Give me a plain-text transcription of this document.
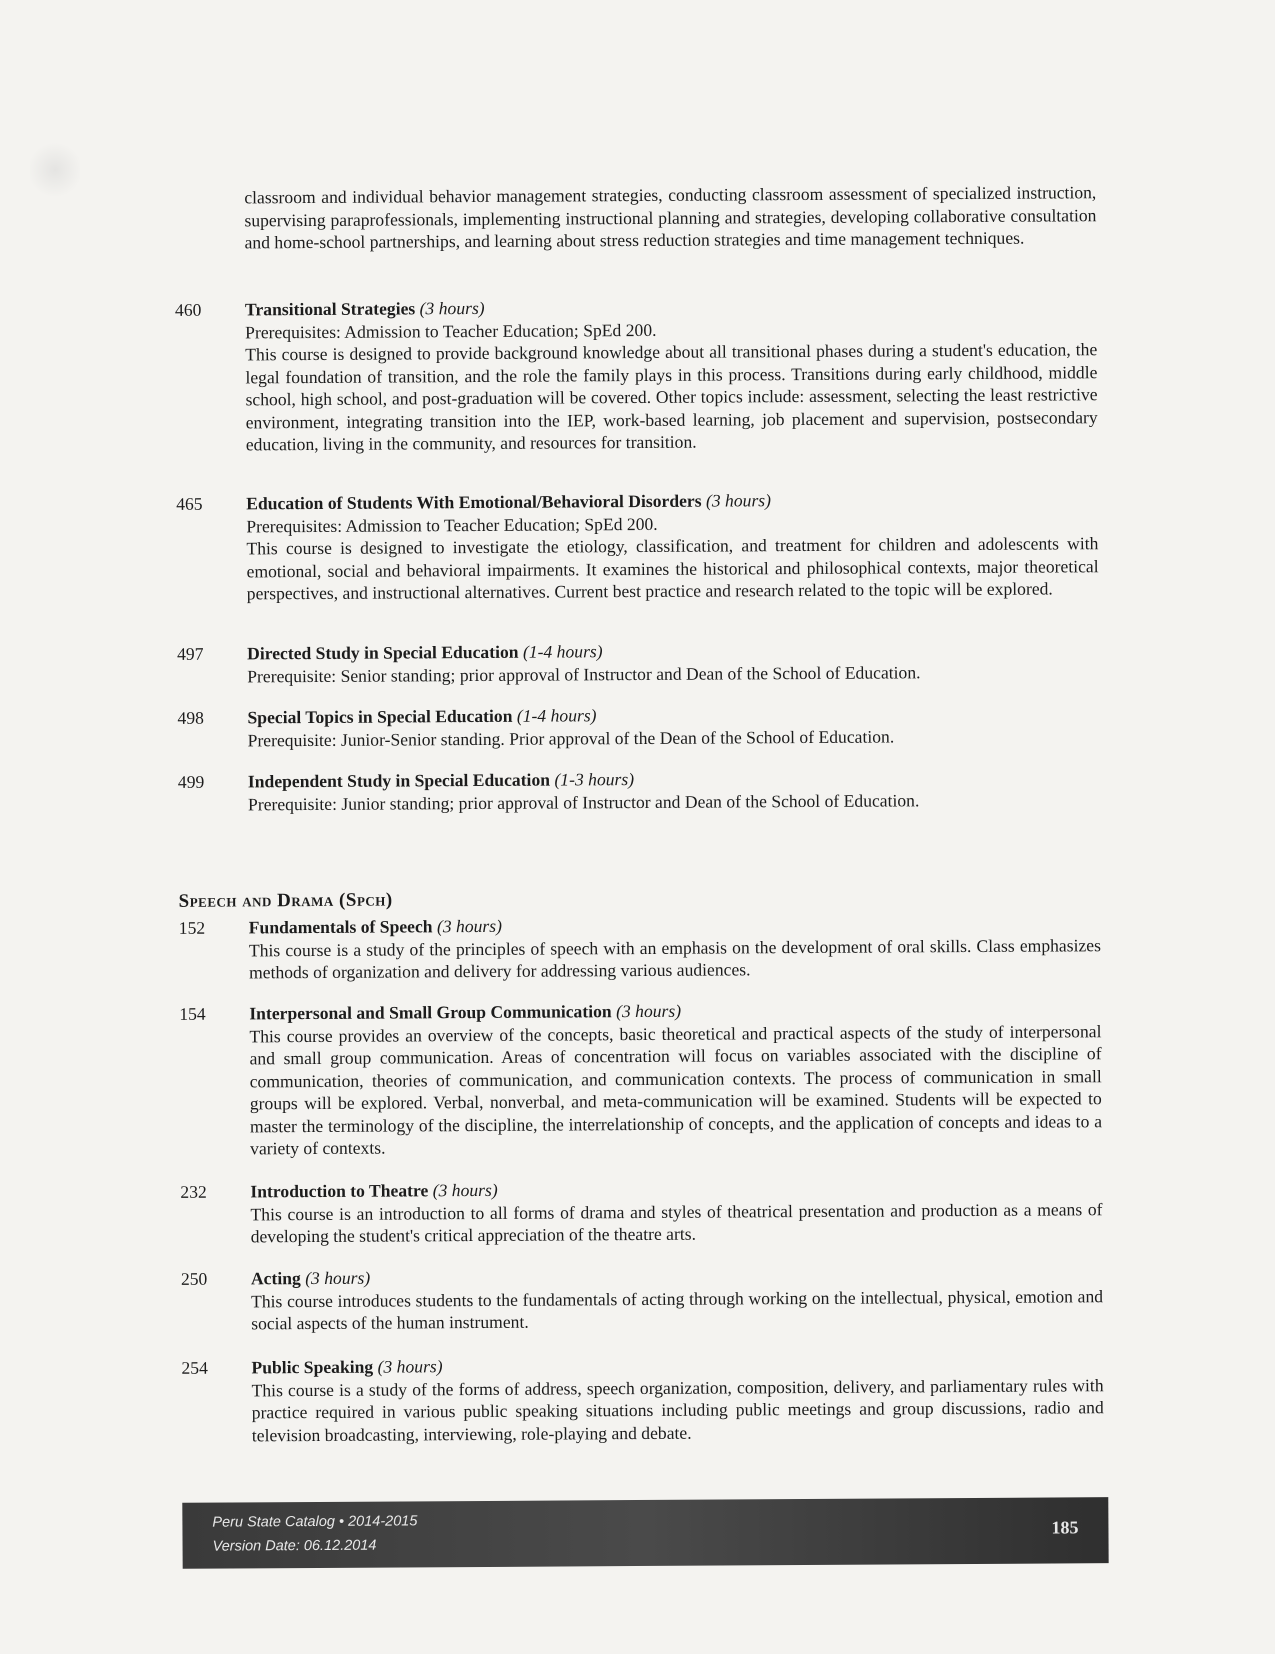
classroom and individual behavior management strategies, conducting classroom assessment of specialized instruction, supervising paraprofessionals, implementing instructional planning and strategies, developing collaborative consultation and home-school partnerships, and learning about stress reduction strategies and time management techniques.

460 Transitional Strategies (3 hours)
Prerequisites: Admission to Teacher Education; SpEd 200.

This course is designed to provide background knowledge about all transitional phases during a student's education, the legal foundation of transition, and the role the family plays in this process. Transitions during early childhood, middle school, high school, and post-graduation will be covered. Other topics include: assessment, selecting the least restrictive environment, integrating transition into the IEP, work-based learning, job placement and supervision, postsecondary education, living in the community, and resources for transition.

465 Education of Students With Emotional/Behavioral Disorders (3 hours)
Prerequisites: Admission to Teacher Education; SpEd 200.

This course is designed to investigate the etiology, classification, and treatment for children and adolescents with emotional, social and behavioral impairments. It examines the historical and philosophical contexts, major theoretical perspectives, and instructional alternatives. Current best practice and research related to the topic will be explored.

497 Directed Study in Special Education (1-4 hours)
Prerequisite: Senior standing; prior approval of Instructor and Dean of the School of Education.
498 Special Topics in Special Education (1-4 hours)
Prerequisite: Junior-Senior standing. Prior approval of the Dean of the School of Education.
499 Independent Study in Special Education (1-3 hours)
Prerequisite: Junior standing; prior approval of Instructor and Dean of the School of Education.
Speech and Drama (Spch)
152 Fundamentals of Speech (3 hours)

This course is a study of the principles of speech with an emphasis on the development of oral skills. Class emphasizes methods of organization and delivery for addressing various audiences.

154 Interpersonal and Small Group Communication (3 hours)

This course provides an overview of the concepts, basic theoretical and practical aspects of the study of interpersonal and small group communication. Areas of concentration will focus on variables associated with the discipline of communication, theories of communication, and communication contexts. The process of communication in small groups will be explored. Verbal, nonverbal, and meta-communication will be examined. Students will be expected to master the terminology of the discipline, the interrelationship of concepts, and the application of concepts and ideas to a variety of contexts.

232 Introduction to Theatre (3 hours)

This course is an introduction to all forms of drama and styles of theatrical presentation and production as a means of developing the student's critical appreciation of the theatre arts.

250 Acting (3 hours)

This course introduces students to the fundamentals of acting through working on the intellectual, physical, emotion and social aspects of the human instrument.

254 Public Speaking (3 hours)

This course is a study of the forms of address, speech organization, composition, delivery, and parliamentary rules with practice required in various public speaking situations including public meetings and group discussions, radio and television broadcasting, interviewing, role-playing and debate.

Peru State Catalog • 2014-2015
Version Date: 06.12.2014
185
